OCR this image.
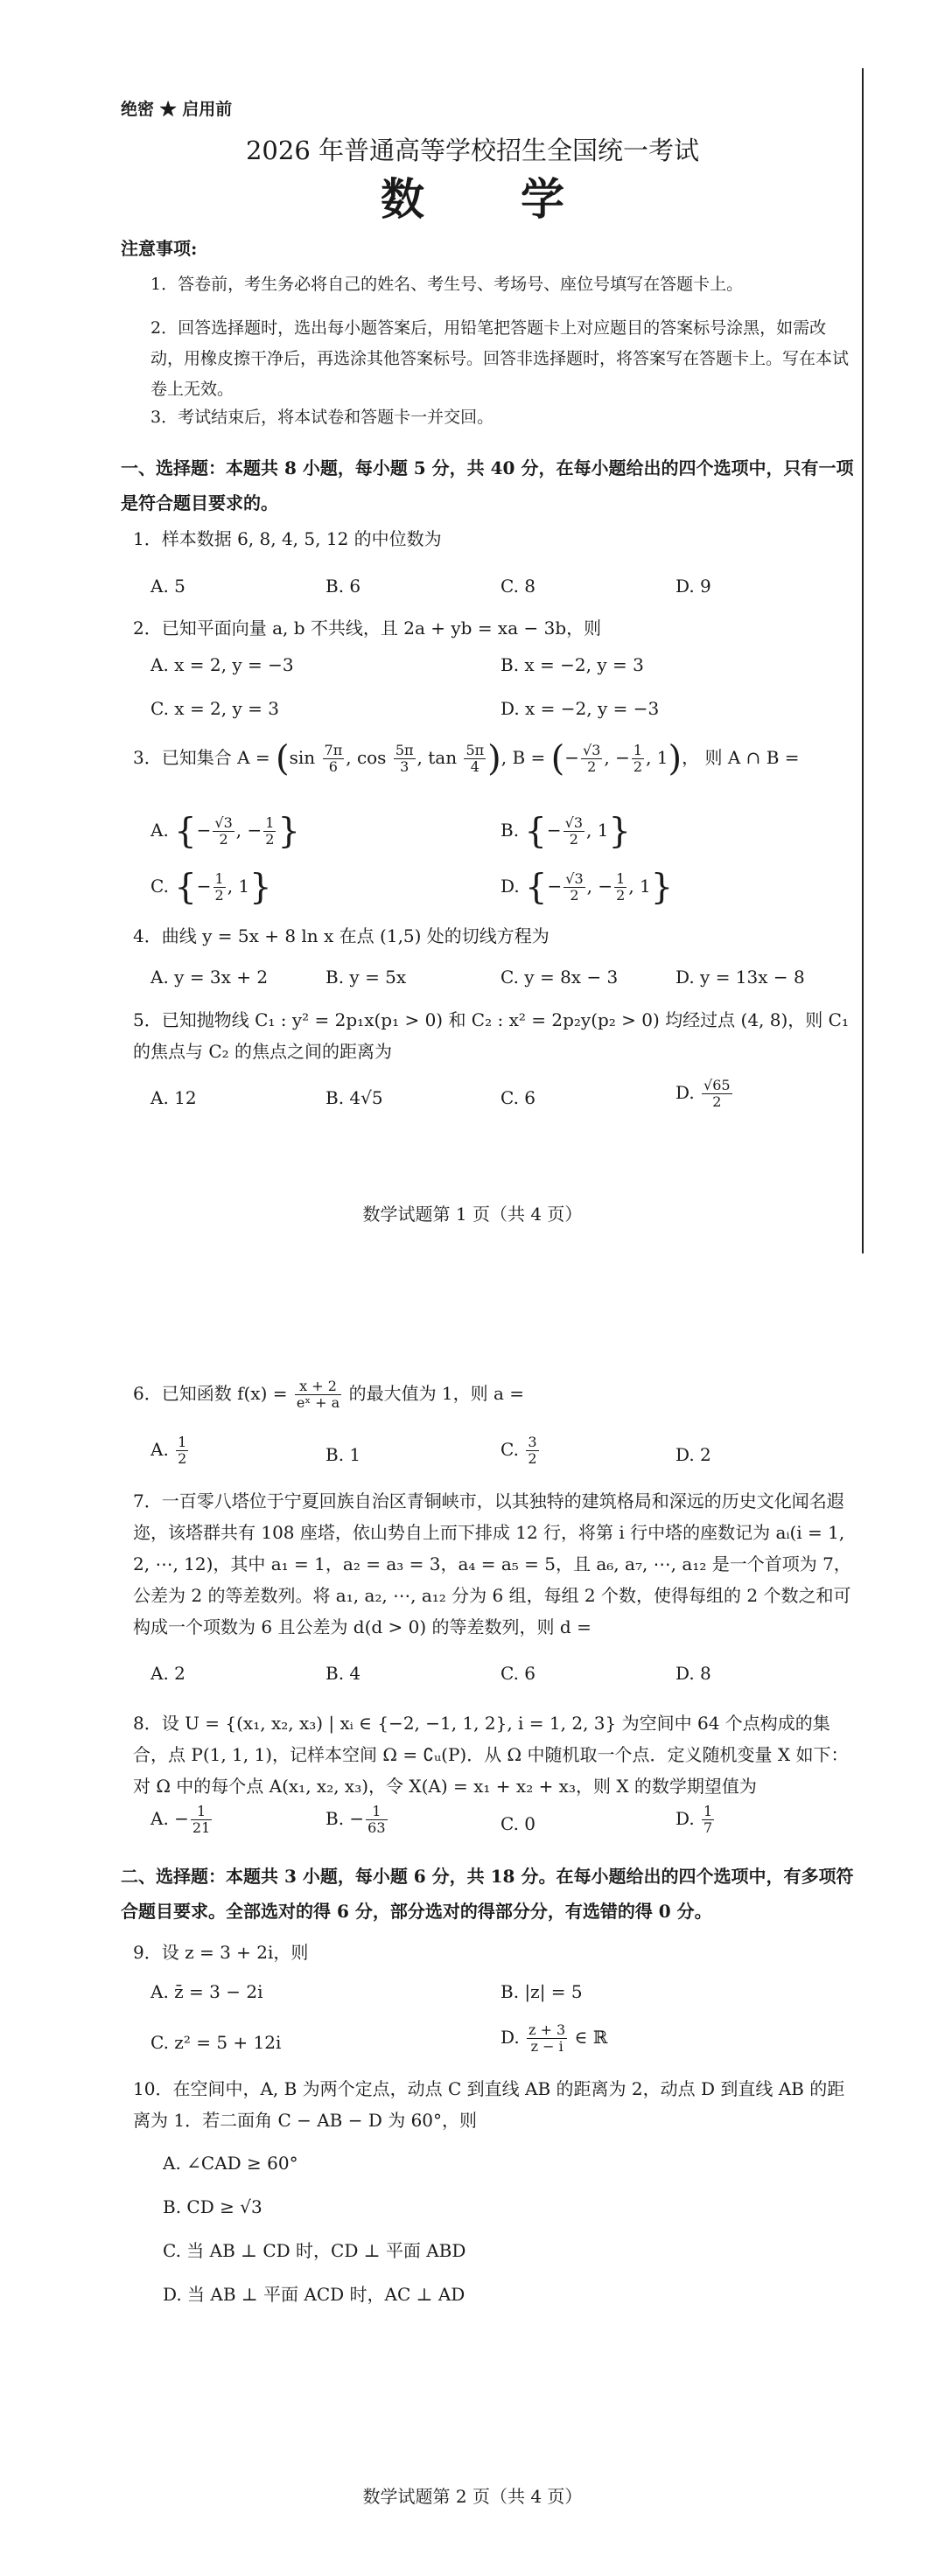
绝密 ★ 启用前
2026 年普通高等学校招生全国统一考试
数　学
注意事项:
1．答卷前，考生务必将自己的姓名、考生号、考场号、座位号填写在答题卡上。
2．回答选择题时，选出每小题答案后，用铅笔把答题卡上对应题目的答案标号涂黑，如需改动，用橡皮擦干净后，再选涂其他答案标号。回答非选择题时，将答案写在答题卡上。写在本试卷上无效。
3．考试结束后，将本试卷和答题卡一并交回。
一、选择题：本题共 8 小题，每小题 5 分，共 40 分，在每小题给出的四个选项中，只有一项是符合题目要求的。
1．样本数据 6, 8, 4, 5, 12 的中位数为
A. 5	B. 6	C. 8	D. 9
2．已知平面向量 a, b 不共线，且 2a + yb = xa − 3b，则
A. x = 2, y = −3	B. x = −2, y = 3
C. x = 2, y = 3	D. x = −2, y = −3
3．已知集合 $A = (\sin \frac{7\pi}{6}$ , $\cos \frac{5\pi}{3}$ , $\tan \frac{5\pi}{4}$ ), B = (− $\frac{√3}{2}$ , − $\frac{1}{2}$ , 1)， 则 A ∩ B =
A. {− $\frac{√3}{2}$ , − $\frac{1}{2}$ }	B. {− $\frac{√3}{2}$ , 1}
C. {− $\frac{1}{2}$ , 1}	D. {− $\frac{√3}{2}$ , − $\frac{1}{2}$ , 1}
4．曲线 y = 5x + 8 ln x 在点 (1,5) 处的切线方程为
A. y = 3x + 2	B. y = 5x	C. y = 8x − 3	D. y = 13x − 8
5．已知抛物线 C₁ : y² = 2p₁x(p₁ > 0) 和 C₂ : x² = 2p₂y(p₂ > 0) 均经过点 (4, 8)，则 C₁ 的焦点与 C₂ 的焦点之间的距离为
A. 12	B. 4√5	C. 6	D. $\frac{√65}{2}$
数学试题第 1 页（共 4 页）
6．已知函数 $f(x) = \frac{x + 2}{\text{eˣ + a}}$ 的最大值为 1，则 a =
A. $\frac{1}{2}$	B. 1	C. $\frac{3}{2}$	D. 2
7．一百零八塔位于宁夏回族自治区青铜峡市，以其独特的建筑格局和深远的历史文化闻名遐迩，该塔群共有 108 座塔，依山势自上而下排成 12 行，将第 i 行中塔的座数记为 aᵢ(i = 1, 2, ⋯, 12)，其中 a₁ = 1，a₂ = a₃ = 3，a₄ = a₅ = 5，且 a₆, a₇, ⋯, a₁₂ 是一个首项为 7，公差为 2 的等差数列。将 a₁, a₂, ⋯, a₁₂ 分为 6 组，每组 2 个数，使得每组的 2 个数之和可构成一个项数为 6 且公差为 d(d > 0) 的等差数列，则 d =
A. 2	B. 4	C. 6	D. 8
8．设 U = {(x₁, x₂, x₃) | xᵢ ∈ {−2, −1, 1, 2}, i = 1, 2, 3} 为空间中 64 个点构成的集合，点 P(1, 1, 1)，记样本空间 Ω = ∁ᵤ(P)．从 Ω 中随机取一个点．定义随机变量 X 如下：对 Ω 中的每个点 A(x₁, x₂, x₃)，令 X(A) = x₁ + x₂ + x₃，则 X 的数学期望值为
A. − $\frac{1}{21}$	B. − $\frac{1}{63}$	C. 0	D. $\frac{1}{7}$
二、选择题：本题共 3 小题，每小题 6 分，共 18 分。在每小题给出的四个选项中，有多项符合题目要求。全部选对的得 6 分，部分选对的得部分分，有选错的得 0 分。
9．设 z = 3 + 2i，则
A. z̄ = 3 − 2i	B. |z| = 5
C. z² = 5 + 12i	D. $\frac{z + 3}{z - i}$ ∈ ℝ
10．在空间中，A, B 为两个定点，动点 C 到直线 AB 的距离为 2，动点 D 到直线 AB 的距离为 1．若二面角 C − AB − D 为 60°，则
A. ∠CAD ≥ 60°
B. CD ≥ √3
C. 当 AB ⊥ CD 时，CD ⊥ 平面 ABD
D. 当 AB ⊥ 平面 ACD 时，AC ⊥ AD
数学试题第 2 页（共 4 页）
